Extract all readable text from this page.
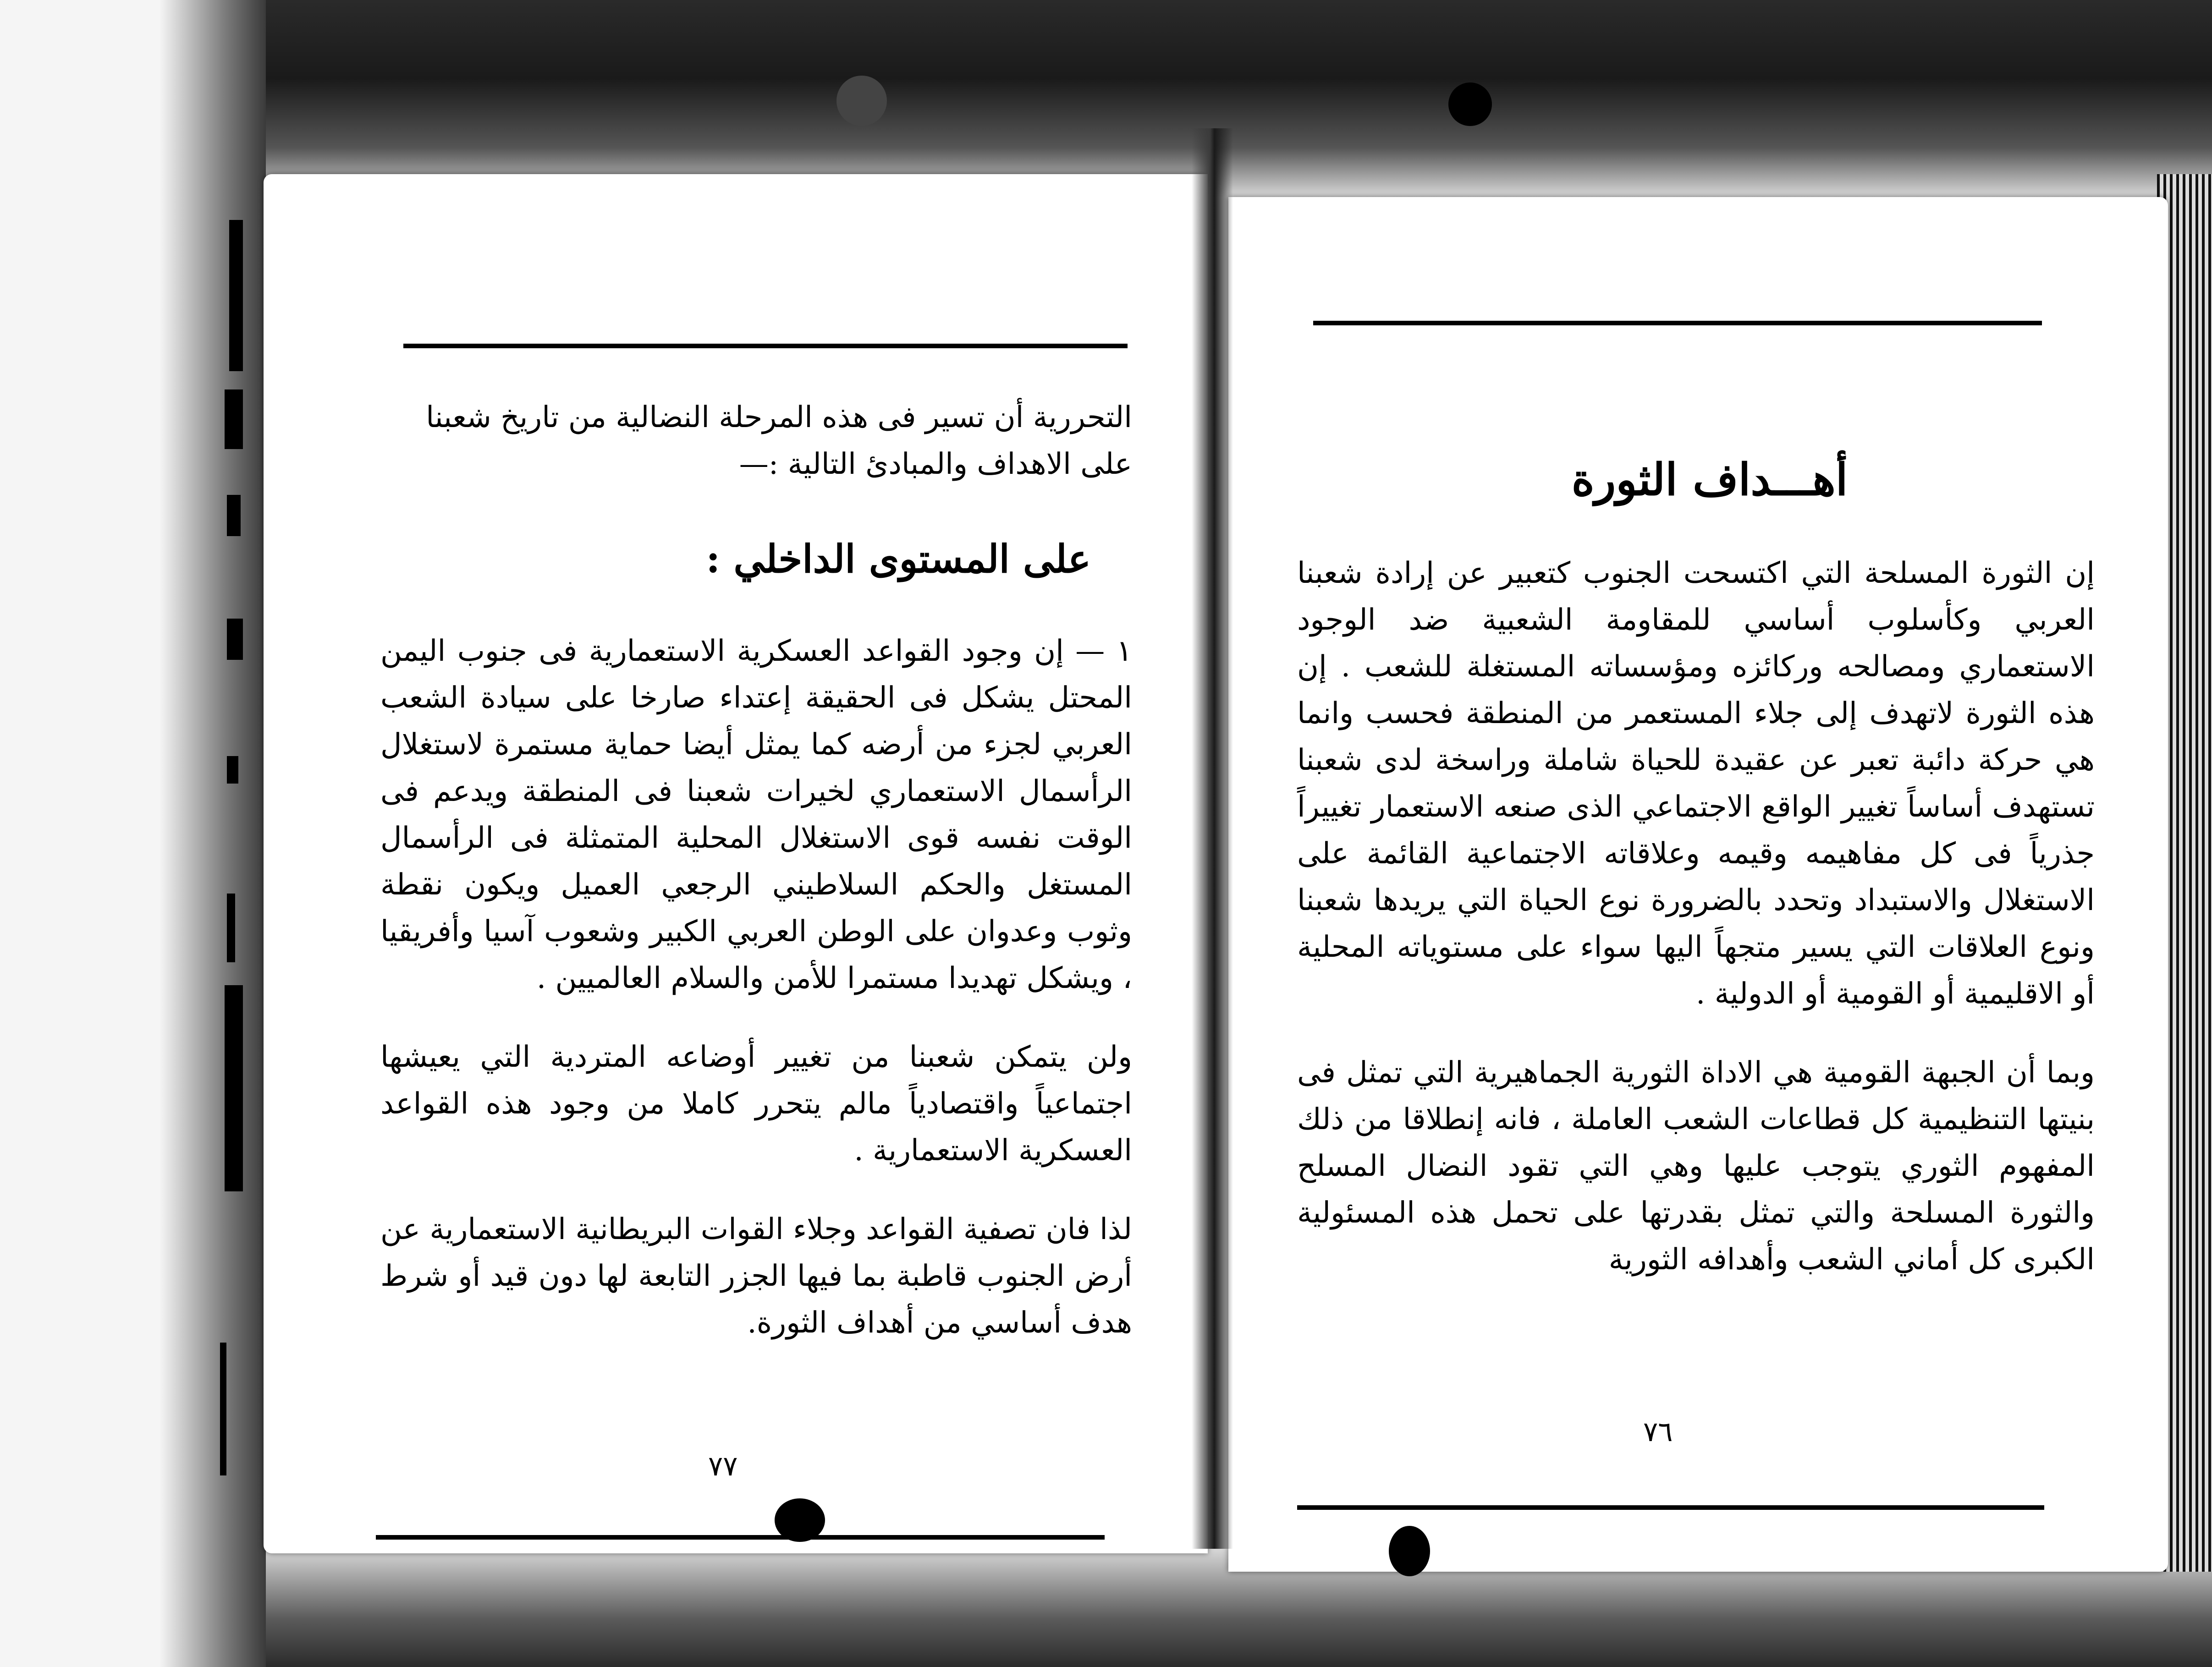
التحررية أن تسير فى هذه المرحلة النضالية من تاريخ شعبنا

على الاهداف والمبادئ التالية :—

على المستوى الداخلي :

١ — إن وجود القواعد العسكرية الاستعمارية فى جنوب اليمن المحتل يشكل فى الحقيقة إعتداء صارخا على سيادة الشعب العربي لجزء من أرضه كما يمثل أيضا حماية مستمرة لاستغلال الرأسمال الاستعماري لخيرات شعبنا فى المنطقة ويدعم فى الوقت نفسه قوى الاستغلال المحلية المتمثلة فى الرأسمال المستغل والحكم السلاطيني الرجعي العميل ويكون نقطة وثوب وعدوان على الوطن العربي الكبير وشعوب آسيا وأفريقيا ، ويشكل تهديدا مستمرا للأمن والسلام العالميين .

ولن يتمكن شعبنا من تغيير أوضاعه المتردية التي يعيشها اجتماعياً واقتصادياً مالم يتحرر كاملا من وجود هذه القواعد العسكرية الاستعمارية .

لذا فان تصفية القواعد وجلاء القوات البريطانية الاستعمارية عن أرض الجنوب قاطبة بما فيها الجزر التابعة لها دون قيد أو شرط هدف أساسي من أهداف الثورة.

٧٧
أهـــداف الثورة

إن الثورة المسلحة التي اكتسحت الجنوب كتعبير عن إرادة شعبنا العربي وكأسلوب أساسي للمقاومة الشعبية ضد الوجود الاستعماري ومصالحه وركائزه ومؤسساته المستغلة للشعب . إن هذه الثورة لاتهدف إلى جلاء المستعمر من المنطقة فحسب وانما هي حركة دائبة تعبر عن عقيدة للحياة شاملة وراسخة لدى شعبنا تستهدف أساساً تغيير الواقع الاجتماعي الذى صنعه الاستعمار تغييراً جذرياً فى كل مفاهيمه وقيمه وعلاقاته الاجتماعية القائمة على الاستغلال والاستبداد وتحدد بالضرورة نوع الحياة التي يريدها شعبنا ونوع العلاقات التي يسير متجهاً اليها سواء على مستوياته المحلية أو الاقليمية أو القومية أو الدولية .

وبما أن الجبهة القومية هي الاداة الثورية الجماهيرية التي تمثل فى بنيتها التنظيمية كل قطاعات الشعب العاملة ، فانه إنطلاقا من ذلك المفهوم الثوري يتوجب عليها وهي التي تقود النضال المسلح والثورة المسلحة والتي تمثل بقدرتها على تحمل هذه المسئولية الكبرى كل أماني الشعب وأهدافه الثورية

٧٦
